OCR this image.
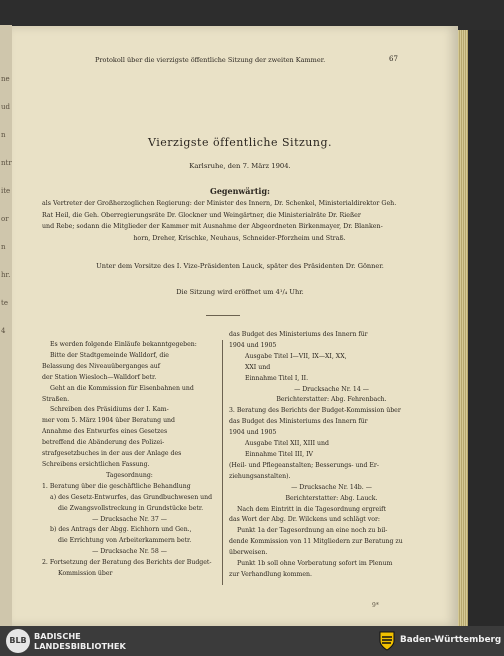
ne
ud
n
ntr
ite
or
n
hr.
te
4
Protokoll über die vierzigste öffentliche Sitzung der zweiten Kammer.	67
Vierzigste öffentliche Sitzung.
Karlsruhe, den 7. März 1904.
Gegenwärtig:
als Vertreter der Großherzoglichen Regierung: der Minister des Innern, Dr. Schenkel, Ministerialdirektor Geh.
Rat Heil, die Geh. Oberregierungsräte Dr. Glockner und Weingärtner, die Ministerialräte Dr. Rießer
und Rebe; sodann die Mitglieder der Kammer mit Ausnahme der Abgeordneten Birkenmayer, Dr. Blanken-
horn, Dreher, Krischke, Neuhaus, Schneider-Pforzheim und Straß.
Unter dem Vorsitze des I. Vize-Präsidenten Lauck, später des Präsidenten Dr. Gönner.
Die Sitzung wird eröffnet um 4¹/₄ Uhr.
Es werden folgende Einläufe bekanntgegeben:
Bitte der Stadtgemeinde Walldorf, die
Belassung des Niveauüberganges auf
der Station Wiesloch—Walldorf betr.
Geht an die Kommission für Eisenbahnen und
Straßen.
Schreiben des Präsidiums der I. Kam-
mer vom 5. März 1904 über Beratung und
Annahme des Entwurfes eines Gesetzes
betreffend die Abänderung des Polizei-
strafgesetzbuches in der aus der Anlage des
Schreibens ersichtlichen Fassung.
Tagesordnung:
1. Beratung über die geschäftliche Behandlung
a) des Gesetz-Entwurfes, das Grundbuchwesen und
die Zwangsvollstreckung in Grundstücke betr.
— Drucksache Nr. 37 —
b) des Antrags der Abgg. Eichhorn und Gen.,
die Errichtung von Arbeiterkammern betr.
— Drucksache Nr. 58 —
2. Fortsetzung der Beratung des Berichts der Budget-
Kommission über
das Budget des Ministeriums des Innern für
1904 und 1905
Ausgabe Titel I—VII, IX—XI, XX,
XXI und
Einnahme Titel I, II.
— Drucksache Nr. 14 —
Berichterstatter: Abg. Fehrenbach.
3. Beratung des Berichts der Budget-Kommission über
das Budget des Ministeriums des Innern für
1904 und 1905
Ausgabe Titel XII, XIII und
Einnahme Titel III, IV
(Heil- und Pflegeanstalten; Besserungs- und Er-
ziehungsanstalten).
— Drucksache Nr. 14b. —
Berichterstatter: Abg. Lauck.
Nach dem Eintritt in die Tagesordnung ergreift
das Wort der Abg. Dr. Wilckens und schlägt vor:
Punkt 1a der Tagesordnung an eine noch zu bil-
dende Kommission von 11 Mitgliedern zur Beratung zu
überweisen.
Punkt 1b soll ohne Vorberatung sofort im Plenum
zur Verhandlung kommen.
9*
BLB BADISCHE
LANDESBIBLIOTHEK
Baden-Württemberg
